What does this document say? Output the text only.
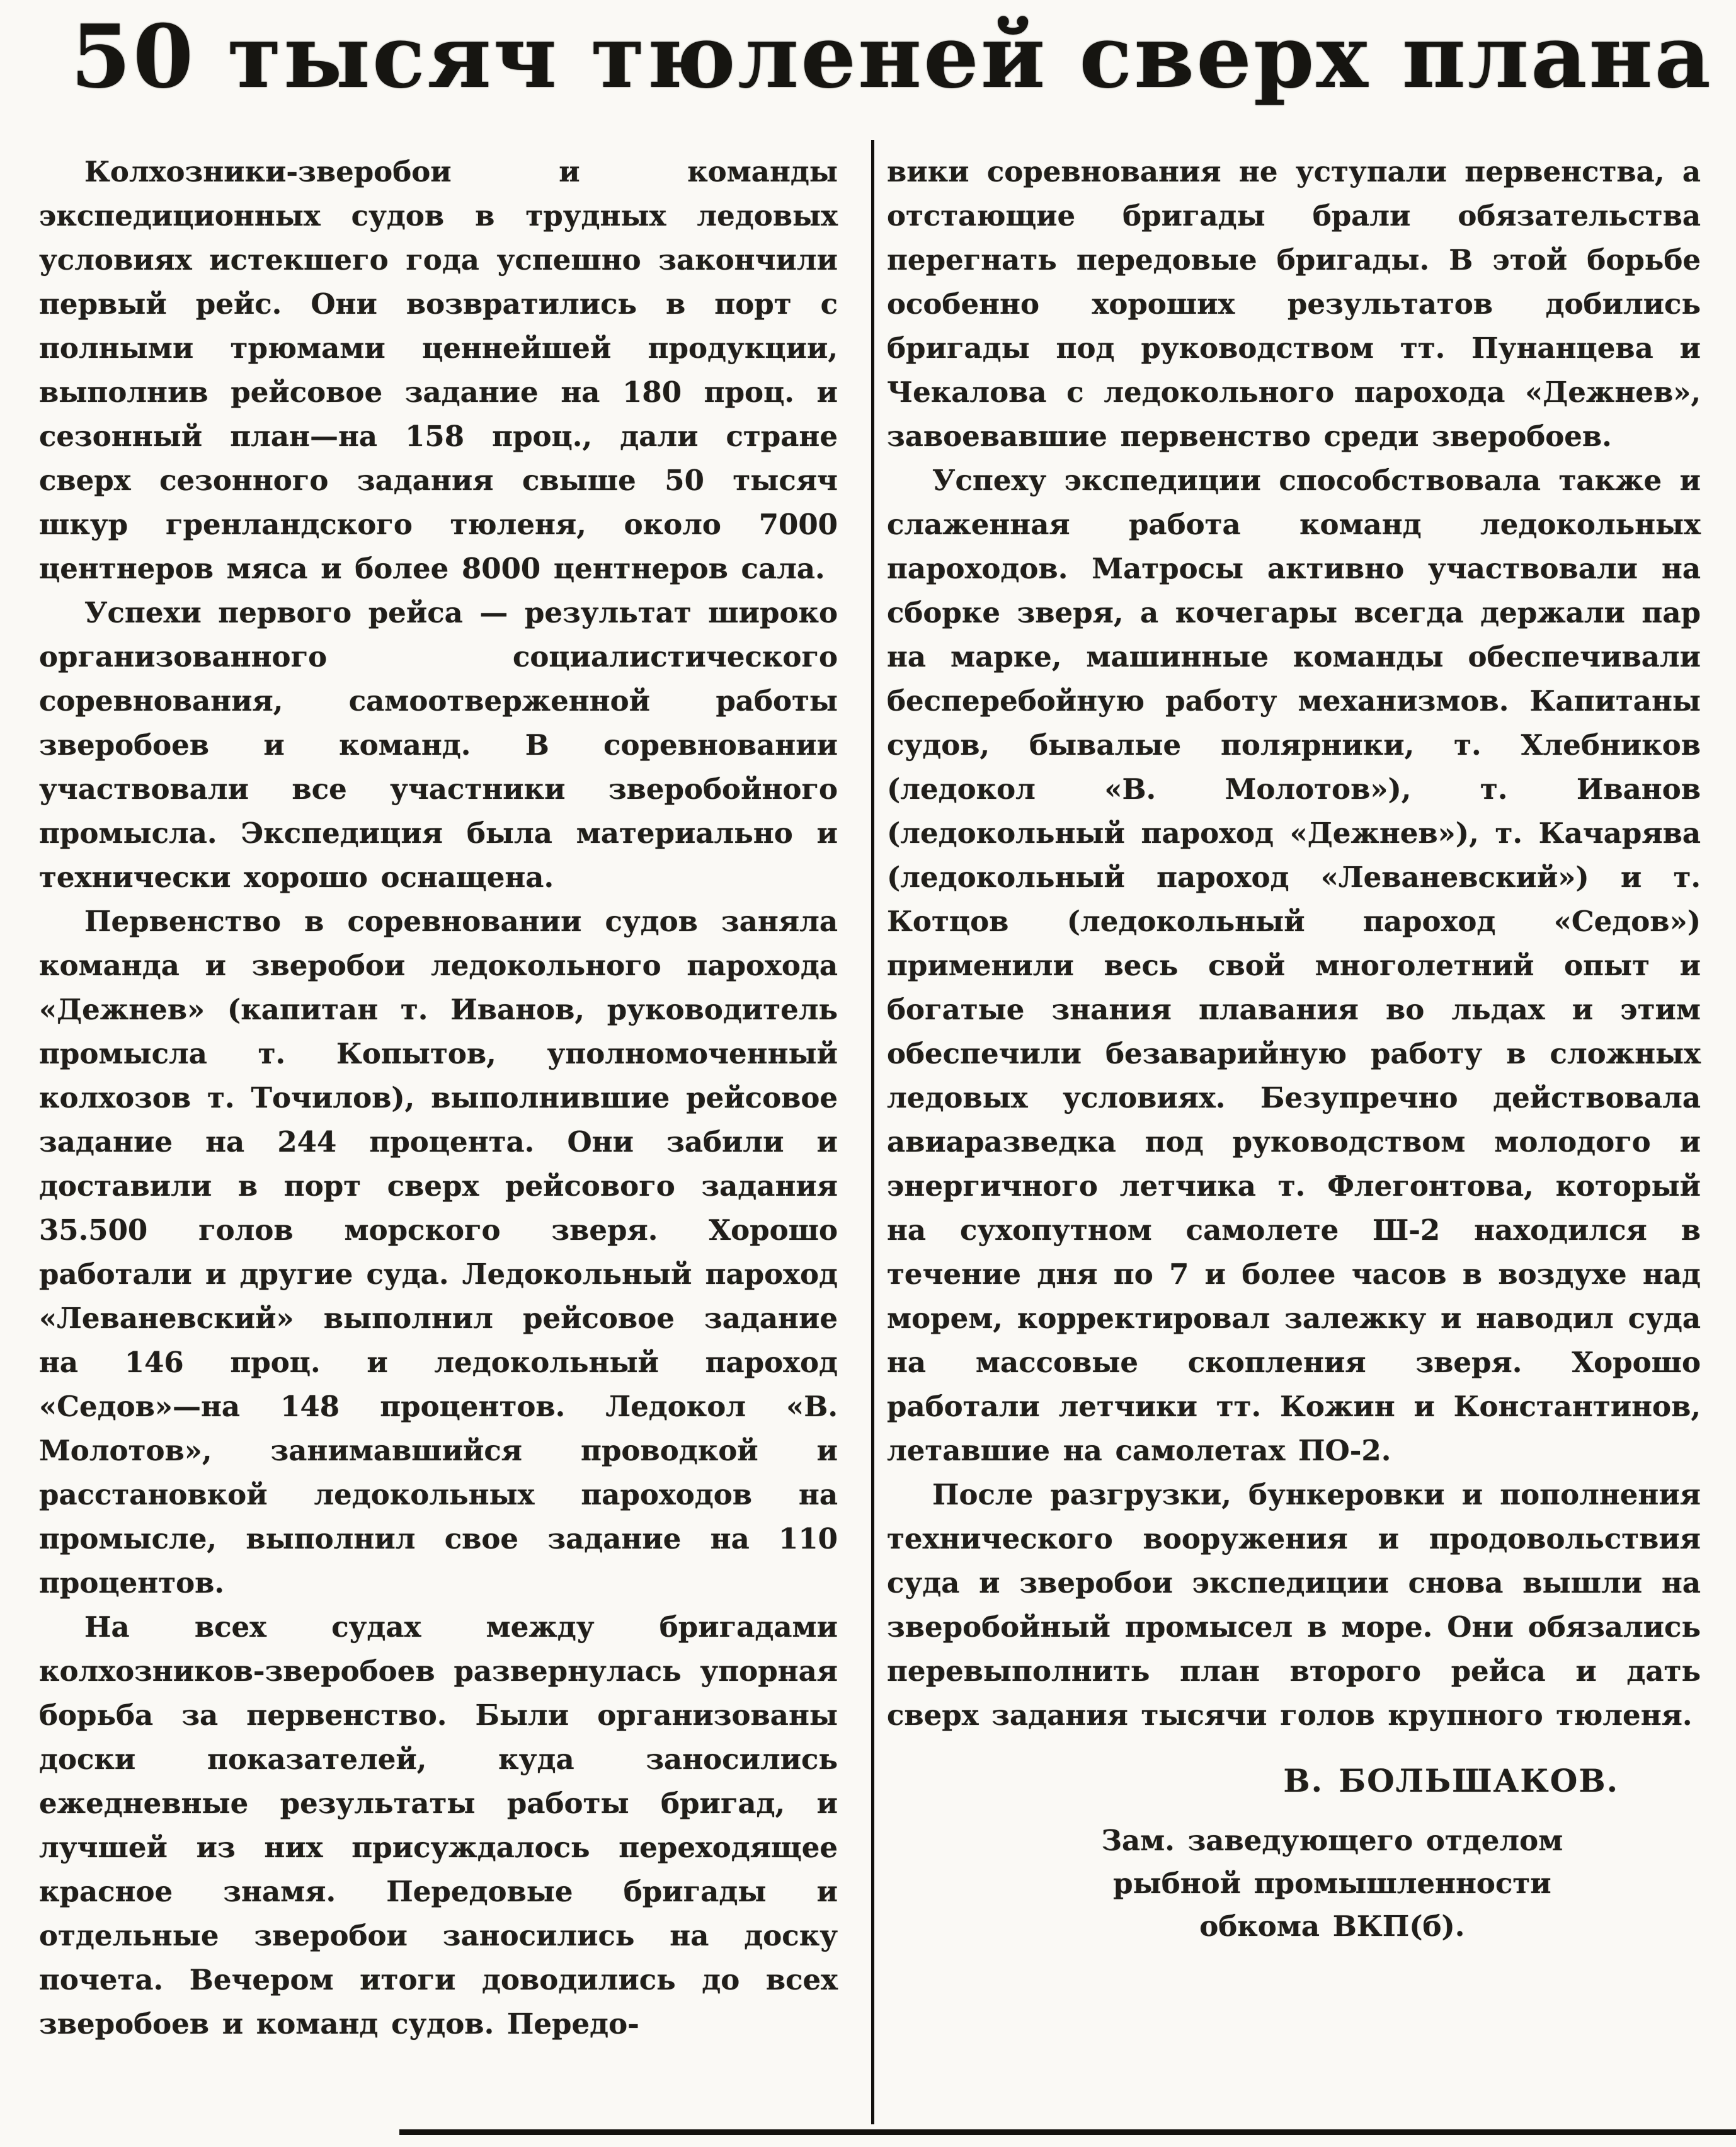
50 тысяч тюленей сверх плана

Колхозники-зверобои и команды экспедиционных судов в трудных ледовых условиях истекшего года успешно закончили первый рейс. Они возвратились в порт с полными трюмами ценнейшей продукции, выполнив рейсовое задание на 180 проц. и сезонный план—на 158 проц., дали стране сверх сезонного задания свыше 50 тысяч шкур гренландского тюленя, около 7000 центнеров мяса и более 8000 центнеров сала.

Успехи первого рейса — результат широко организованного социалистического соревнования, самоотверженной работы зверобоев и команд. В соревновании участвовали все участники зверобойного промысла. Экспедиция была материально и технически хорошо оснащена.

Первенство в соревновании судов заняла команда и зверобои ледокольного парохода «Дежнев» (капитан т. Иванов, руководитель промысла т. Копытов, уполномоченный колхозов т. Точилов), выполнившие рейсовое задание на 244 процента. Они забили и доставили в порт сверх рейсового задания 35.500 голов морского зверя. Хорошо работали и другие суда. Ледокольный пароход «Леваневский» выполнил рейсовое задание на 146 проц. и ледокольный пароход «Седов»—на 148 процентов. Ледокол «В. Молотов», занимавшийся проводкой и расстановкой ледокольных пароходов на промысле, выполнил свое задание на 110 процентов.

На всех судах между бригадами колхозников-зверобоев развернулась упорная борьба за первенство. Были организованы доски показателей, куда заносились ежедневные результаты работы бригад, и лучшей из них присуждалось переходящее красное знамя. Передовые бригады и отдельные зверобои заносились на доску почета. Вечером итоги доводились до всех зверобоев и команд судов. Передо-

вики соревнования не уступали первенства, а отстающие бригады брали обязательства перегнать передовые бригады. В этой борьбе особенно хороших результатов добились бригады под руководством тт. Пунанцева и Чекалова с ледокольного парохода «Дежнев», завоевавшие первенство среди зверобоев.

Успеху экспедиции способствовала также и слаженная работа команд ледокольных пароходов. Матросы активно участвовали на сборке зверя, а кочегары всегда держали пар на марке, машинные команды обеспечивали бесперебойную работу механизмов. Капитаны судов, бывалые полярники, т. Хлебников (ледокол «В. Молотов»), т. Иванов (ледокольный пароход «Дежнев»), т. Качарява (ледокольный пароход «Леваневский») и т. Котцов (ледокольный пароход «Седов») применили весь свой многолетний опыт и богатые знания плавания во льдах и этим обеспечили безаварийную работу в сложных ледовых условиях. Безупречно действовала авиаразведка под руководством молодого и энергичного летчика т. Флегонтова, который на сухопутном самолете Ш-2 находился в течение дня по 7 и более часов в воздухе над морем, корректировал залежку и наводил суда на массовые скопления зверя. Хорошо работали летчики тт. Кожин и Константинов, летавшие на самолетах ПО-2.

После разгрузки, бункеровки и пополнения технического вооружения и продовольствия суда и зверобои экспедиции снова вышли на зверобойный промысел в море. Они обязались перевыполнить план второго рейса и дать сверх задания тысячи голов крупного тюленя.

В. БОЛЬШАКОВ.
Зам. заведующего отделом
рыбной промышленности
обкома ВКП(б).
